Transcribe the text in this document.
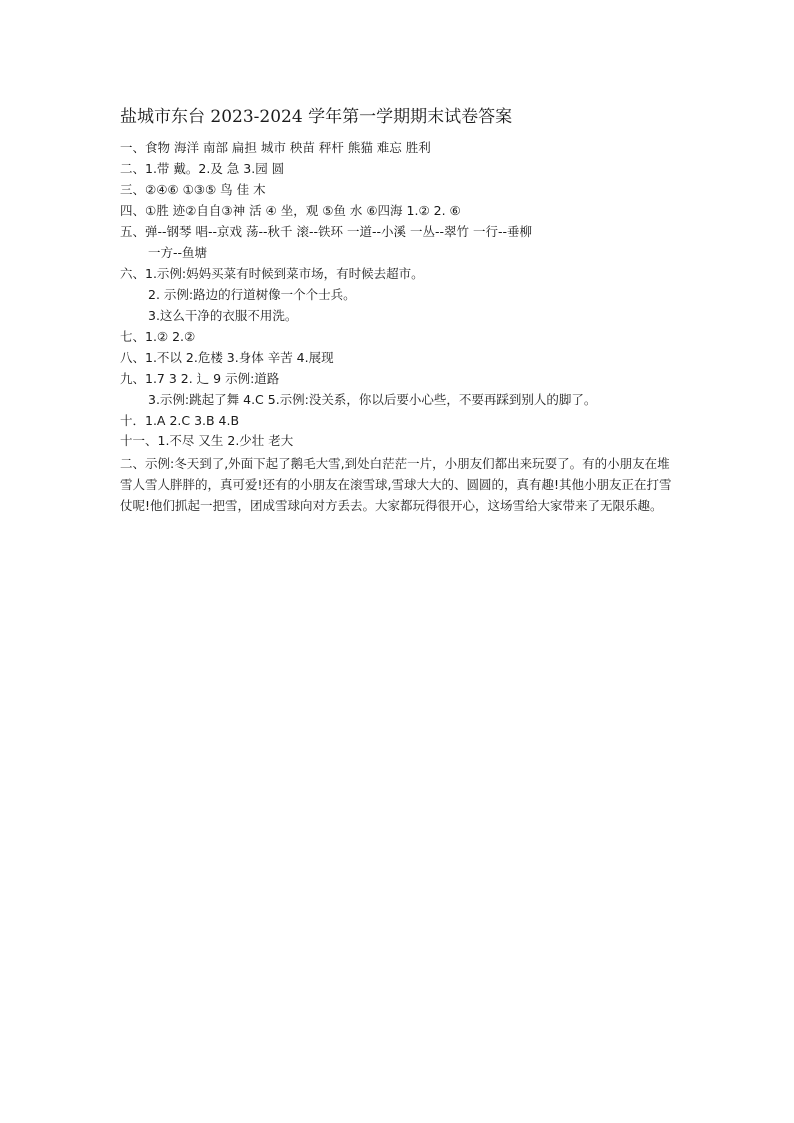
盐城市东台 2023-2024 学年第一学期期末试卷答案
一、食物 海洋 南部 扁担 城市 秧苗 秤杆 熊猫 难忘 胜利
二、1.带 戴。2.及 急 3.园 圆
三、②④⑥ ①③⑤ 鸟 佳 木
四、①胜 迹②自自③神 活 ④ 坐，观 ⑤鱼 水 ⑥四海 1.② 2. ⑥
五、弹--钢琴 唱--京戏 荡--秋千 滚--铁环 一道--小溪 一丛--翠竹 一行--垂柳
一方--鱼塘
六、1.示例:妈妈买菜有时候到菜市场，有时候去超市。
2. 示例:路边的行道树像一个个士兵。
3.这么干净的衣服不用洗。
七、1.② 2.②
八、1.不以 2.危楼 3.身体 辛苦 4.展现
九、1.7 3 2. 辶 9 示例:道路
3.示例:跳起了舞 4.C 5.示例:没关系，你以后要小心些，不要再踩到别人的脚了。
十．1.A 2.C 3.B 4.B
十一、1.不尽 又生 2.少壮 老大
二、示例:冬天到了,外面下起了鹅毛大雪,到处白茫茫一片，小朋友们都出来玩耍了。有的小朋友在堆雪人雪人胖胖的，真可爱!还有的小朋友在滚雪球,雪球大大的、圆圆的，真有趣!其他小朋友正在打雪仗呢!他们抓起一把雪，团成雪球向对方丢去。大家都玩得很开心，这场雪给大家带来了无限乐趣。
